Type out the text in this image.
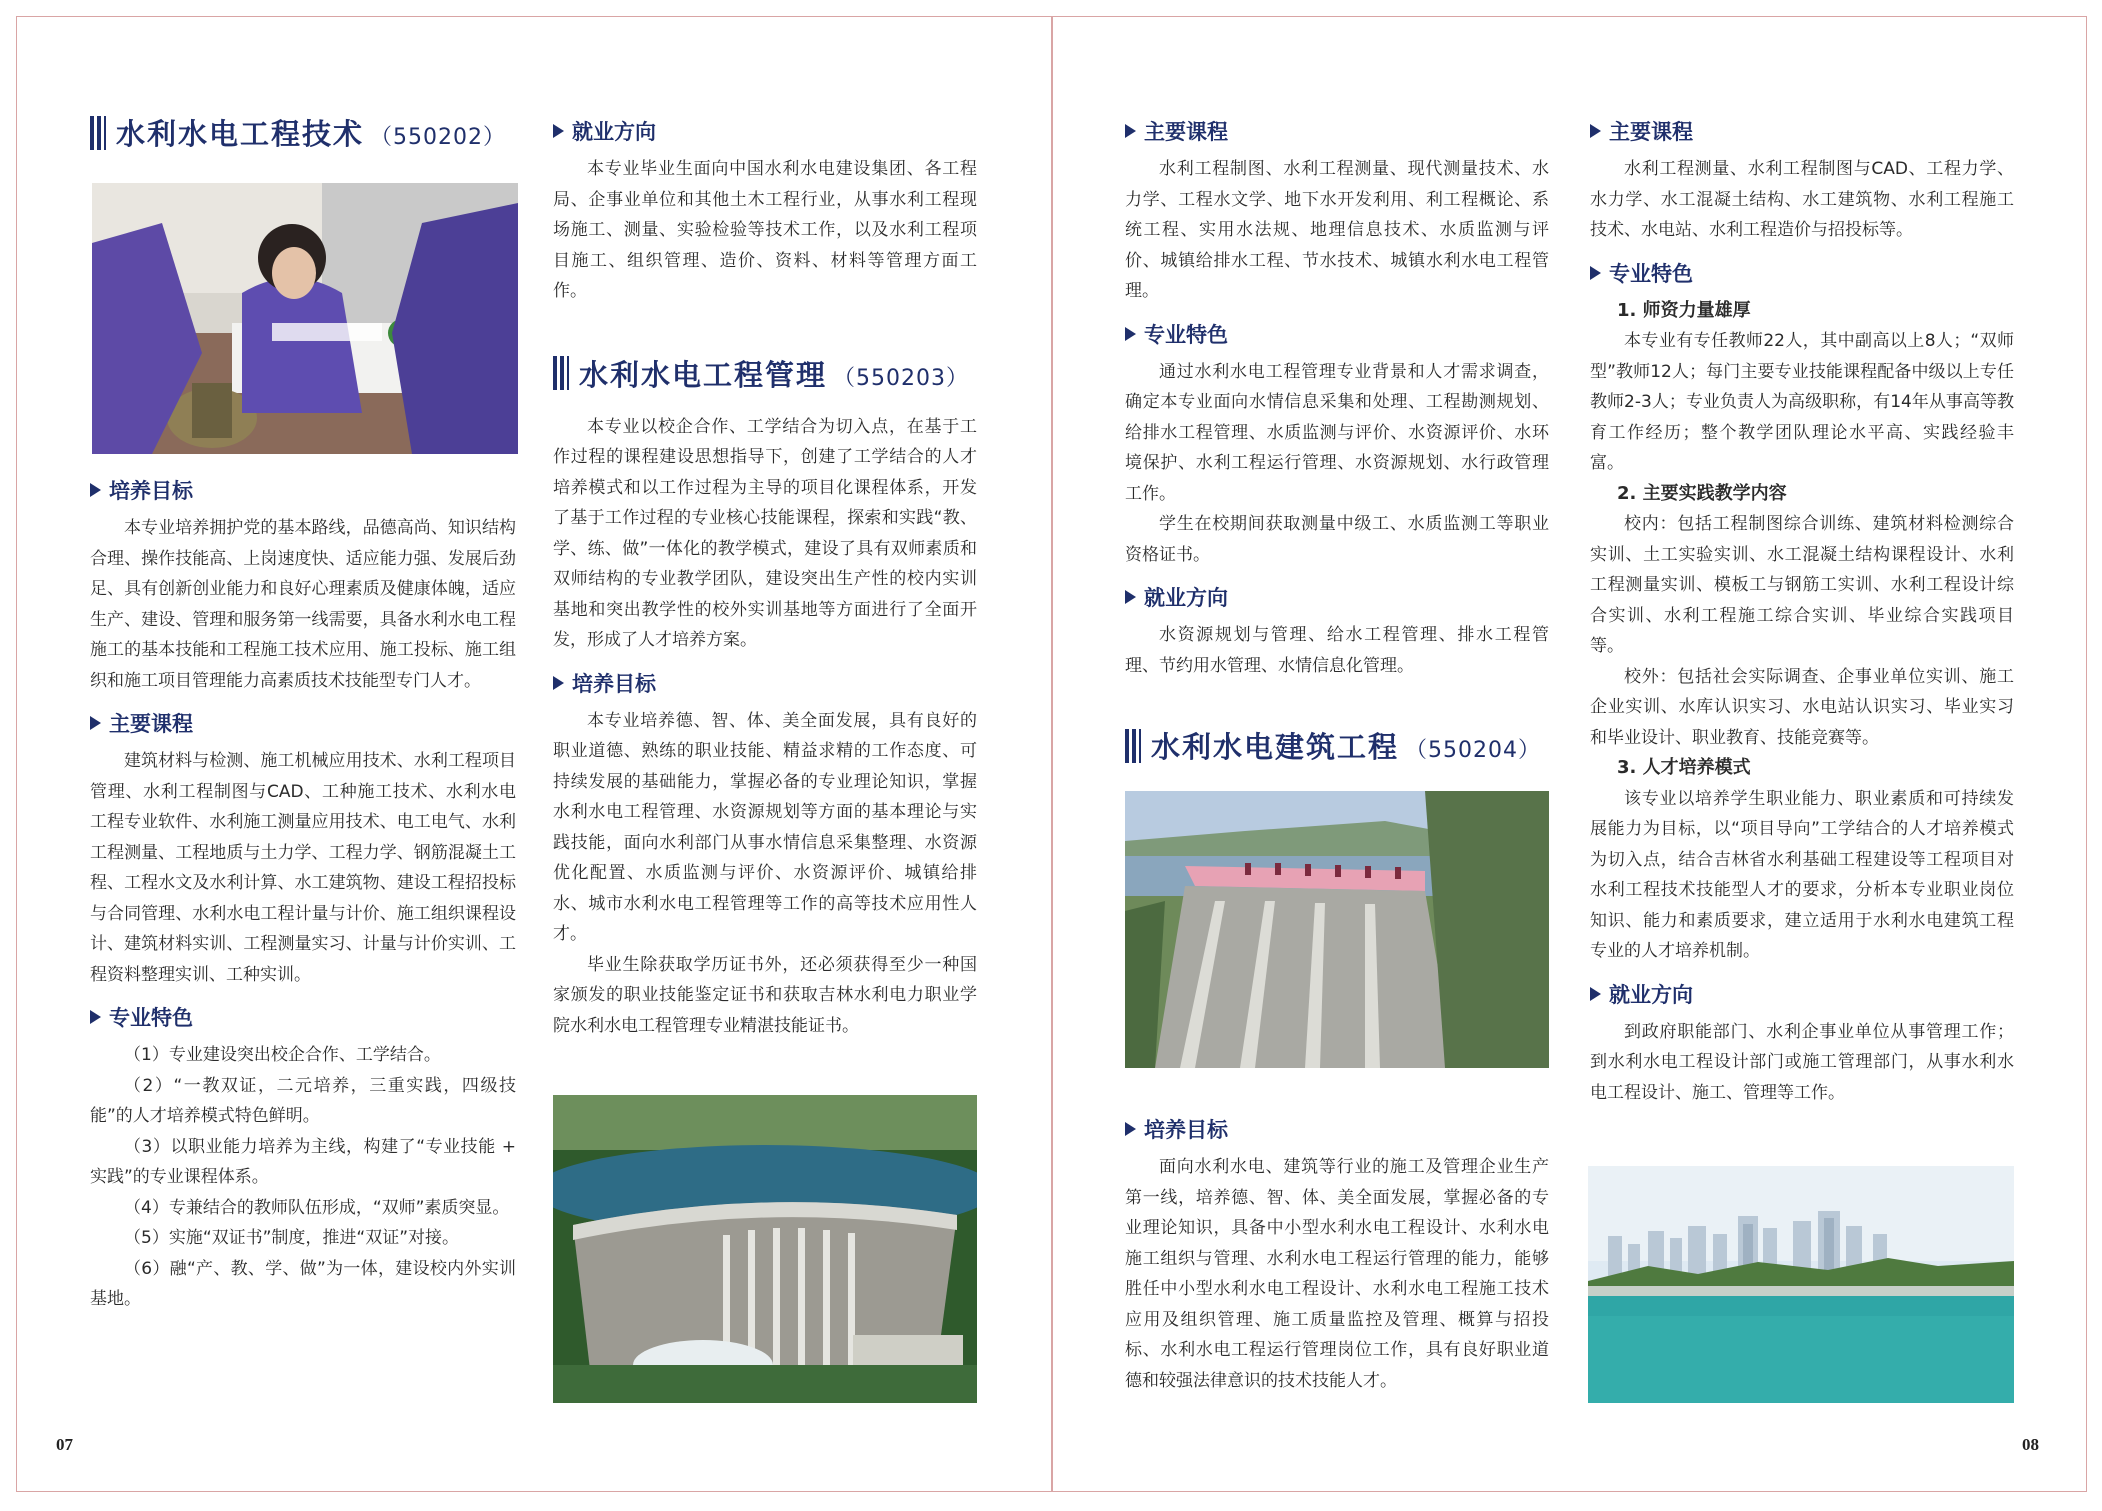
水利水电工程技术 （550202）
培养目标

本专业培养拥护党的基本路线，品德高尚、知识结构合理、操作技能高、上岗速度快、适应能力强、发展后劲足、具有创新创业能力和良好心理素质及健康体魄，适应生产、建设、管理和服务第一线需要，具备水利水电工程施工的基本技能和工程施工技术应用、施工投标、施工组织和施工项目管理能力高素质技术技能型专门人才。

主要课程

建筑材料与检测、施工机械应用技术、水利工程项目管理、水利工程制图与CAD、工种施工技术、水利水电工程专业软件、水利施工测量应用技术、电工电气、水利工程测量、工程地质与土力学、工程力学、钢筋混凝土工程、工程水文及水利计算、水工建筑物、建设工程招投标与合同管理、水利水电工程计量与计价、施工组织课程设计、建筑材料实训、工程测量实习、计量与计价实训、工程资料整理实训、工种实训。

专业特色

（1）专业建设突出校企合作、工学结合。

（2）“一教双证，二元培养，三重实践，四级技能”的人才培养模式特色鲜明。

（3）以职业能力培养为主线，构建了“专业技能 + 实践”的专业课程体系。

（4）专兼结合的教师队伍形成，“双师”素质突显。

（5）实施“双证书”制度，推进“双证”对接。

（6）融“产、教、学、做”为一体，建设校内外实训基地。

就业方向

本专业毕业生面向中国水利水电建设集团、各工程局、企事业单位和其他土木工程行业，从事水利工程现场施工、测量、实验检验等技术工作，以及水利工程项目施工、组织管理、造价、资料、材料等管理方面工作。

水利水电工程管理 （550203）

本专业以校企合作、工学结合为切入点，在基于工作过程的课程建设思想指导下，创建了工学结合的人才培养模式和以工作过程为主导的项目化课程体系，开发了基于工作过程的专业核心技能课程，探索和实践“教、学、练、做”一体化的教学模式，建设了具有双师素质和双师结构的专业教学团队，建设突出生产性的校内实训基地和突出教学性的校外实训基地等方面进行了全面开发，形成了人才培养方案。

培养目标

本专业培养德、智、体、美全面发展，具有良好的职业道德、熟练的职业技能、精益求精的工作态度、可持续发展的基础能力，掌握必备的专业理论知识，掌握水利水电工程管理、水资源规划等方面的基本理论与实践技能，面向水利部门从事水情信息采集整理、水资源优化配置、水质监测与评价、水资源评价、城镇给排水、城市水利水电工程管理等工作的高等技术应用性人才。

毕业生除获取学历证书外，还必须获得至少一种国家颁发的职业技能鉴定证书和获取吉林水利电力职业学院水利水电工程管理专业精湛技能证书。

07
主要课程

水利工程制图、水利工程测量、现代测量技术、水力学、工程水文学、地下水开发利用、利工程概论、系统工程、实用水法规、地理信息技术、水质监测与评价、城镇给排水工程、节水技术、城镇水利水电工程管理。

专业特色

通过水利水电工程管理专业背景和人才需求调查，确定本专业面向水情信息采集和处理、工程勘测规划、给排水工程管理、水质监测与评价、水资源评价、水环境保护、水利工程运行管理、水资源规划、水行政管理工作。

学生在校期间获取测量中级工、水质监测工等职业资格证书。

就业方向

水资源规划与管理、给水工程管理、排水工程管理、节约用水管理、水情信息化管理。

水利水电建筑工程 （550204）
培养目标

面向水利水电、建筑等行业的施工及管理企业生产第一线，培养德、智、体、美全面发展，掌握必备的专业理论知识，具备中小型水利水电工程设计、水利水电施工组织与管理、水利水电工程运行管理的能力，能够胜任中小型水利水电工程设计、水利水电工程施工技术应用及组织管理、施工质量监控及管理、概算与招投标、水利水电工程运行管理岗位工作，具有良好职业道德和较强法律意识的技术技能人才。

主要课程

水利工程测量、水利工程制图与CAD、工程力学、水力学、水工混凝土结构、水工建筑物、水利工程施工技术、水电站、水利工程造价与招投标等。

专业特色

1. 师资力量雄厚

本专业有专任教师22人，其中副高以上8人；“双师型”教师12人；每门主要专业技能课程配备中级以上专任教师2-3人；专业负责人为高级职称，有14年从事高等教育工作经历；整个教学团队理论水平高、实践经验丰富。

2. 主要实践教学内容

校内：包括工程制图综合训练、建筑材料检测综合实训、土工实验实训、水工混凝土结构课程设计、水利工程测量实训、模板工与钢筋工实训、水利工程设计综合实训、水利工程施工综合实训、毕业综合实践项目等。

校外：包括社会实际调查、企事业单位实训、施工企业实训、水库认识实习、水电站认识实习、毕业实习和毕业设计、职业教育、技能竞赛等。

3. 人才培养模式

该专业以培养学生职业能力、职业素质和可持续发展能力为目标，以“项目导向”工学结合的人才培养模式为切入点，结合吉林省水利基础工程建设等工程项目对水利工程技术技能型人才的要求，分析本专业职业岗位知识、能力和素质要求，建立适用于水利水电建筑工程专业的人才培养机制。

就业方向

到政府职能部门、水利企事业单位从事管理工作；到水利水电工程设计部门或施工管理部门，从事水利水电工程设计、施工、管理等工作。

08
